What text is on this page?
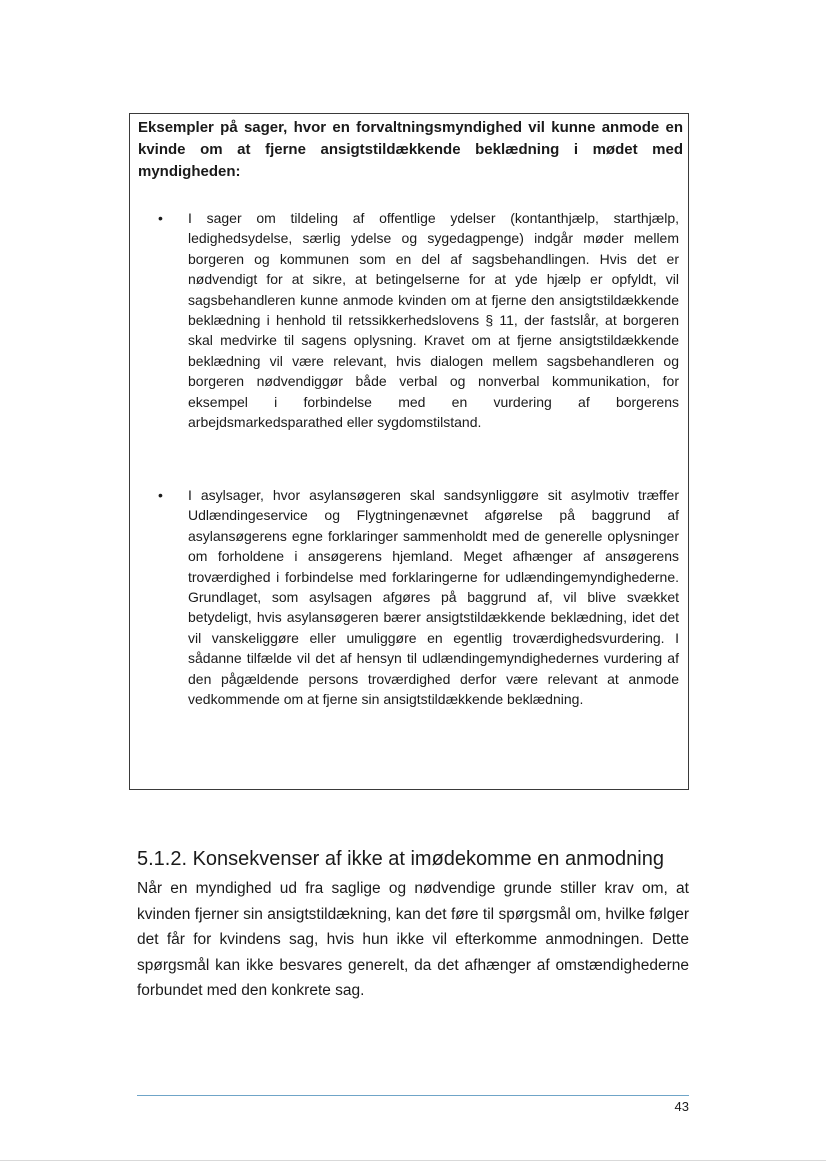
Eksempler på sager, hvor en forvaltningsmyndighed vil kunne anmode en kvinde om at fjerne ansigtstildækkende beklædning i mødet med myndigheden:

•	I sager om tildeling af offentlige ydelser (kontanthjælp, starthjælp, ledighedsydelse, særlig ydelse og sygedagpenge) indgår møder mellem borgeren og kommunen som en del af sagsbehandlingen. Hvis det er nødvendigt for at sikre, at betingelserne for at yde hjælp er opfyldt, vil sagsbehandleren kunne anmode kvinden om at fjerne den ansigtstildækkende beklædning i henhold til retssikkerhedslovens § 11, der fastslår, at borgeren skal medvirke til sagens oplysning. Kravet om at fjerne ansigtstildækkende beklædning vil være relevant, hvis dialogen mellem sagsbehandleren og borgeren nødvendiggør både verbal og nonverbal kommunikation, for eksempel i forbindelse med en vurdering af borgerens arbejdsmarkedsparathed eller sygdomstilstand.
•	I asylsager, hvor asylansøgeren skal sandsynliggøre sit asylmotiv træffer Udlændingeservice og Flygtningenævnet afgørelse på baggrund af asylansøgerens egne forklaringer sammenholdt med de generelle oplysninger om forholdene i ansøgerens hjemland. Meget afhænger af ansøgerens troværdighed i forbindelse med forklaringerne for udlændingemyndighederne. Grundlaget, som asylsagen afgøres på baggrund af, vil blive svækket betydeligt, hvis asylansøgeren bærer ansigtstildækkende beklædning, idet det vil vanskeliggøre eller umuliggøre en egentlig troværdighedsvurdering. I sådanne tilfælde vil det af hensyn til udlændingemyndighedernes vurdering af den pågældende persons troværdighed derfor være relevant at anmode vedkommende om at fjerne sin ansigtstildækkende beklædning.
5.1.2. Konsekvenser af ikke at imødekomme en anmodning

Når en myndighed ud fra saglige og nødvendige grunde stiller krav om, at kvinden fjerner sin ansigtstildækning, kan det føre til spørgsmål om, hvilke følger det får for kvindens sag, hvis hun ikke vil efterkomme anmodningen. Dette spørgsmål kan ikke besvares generelt, da det afhænger af omstændighederne forbundet med den konkrete sag.

43
